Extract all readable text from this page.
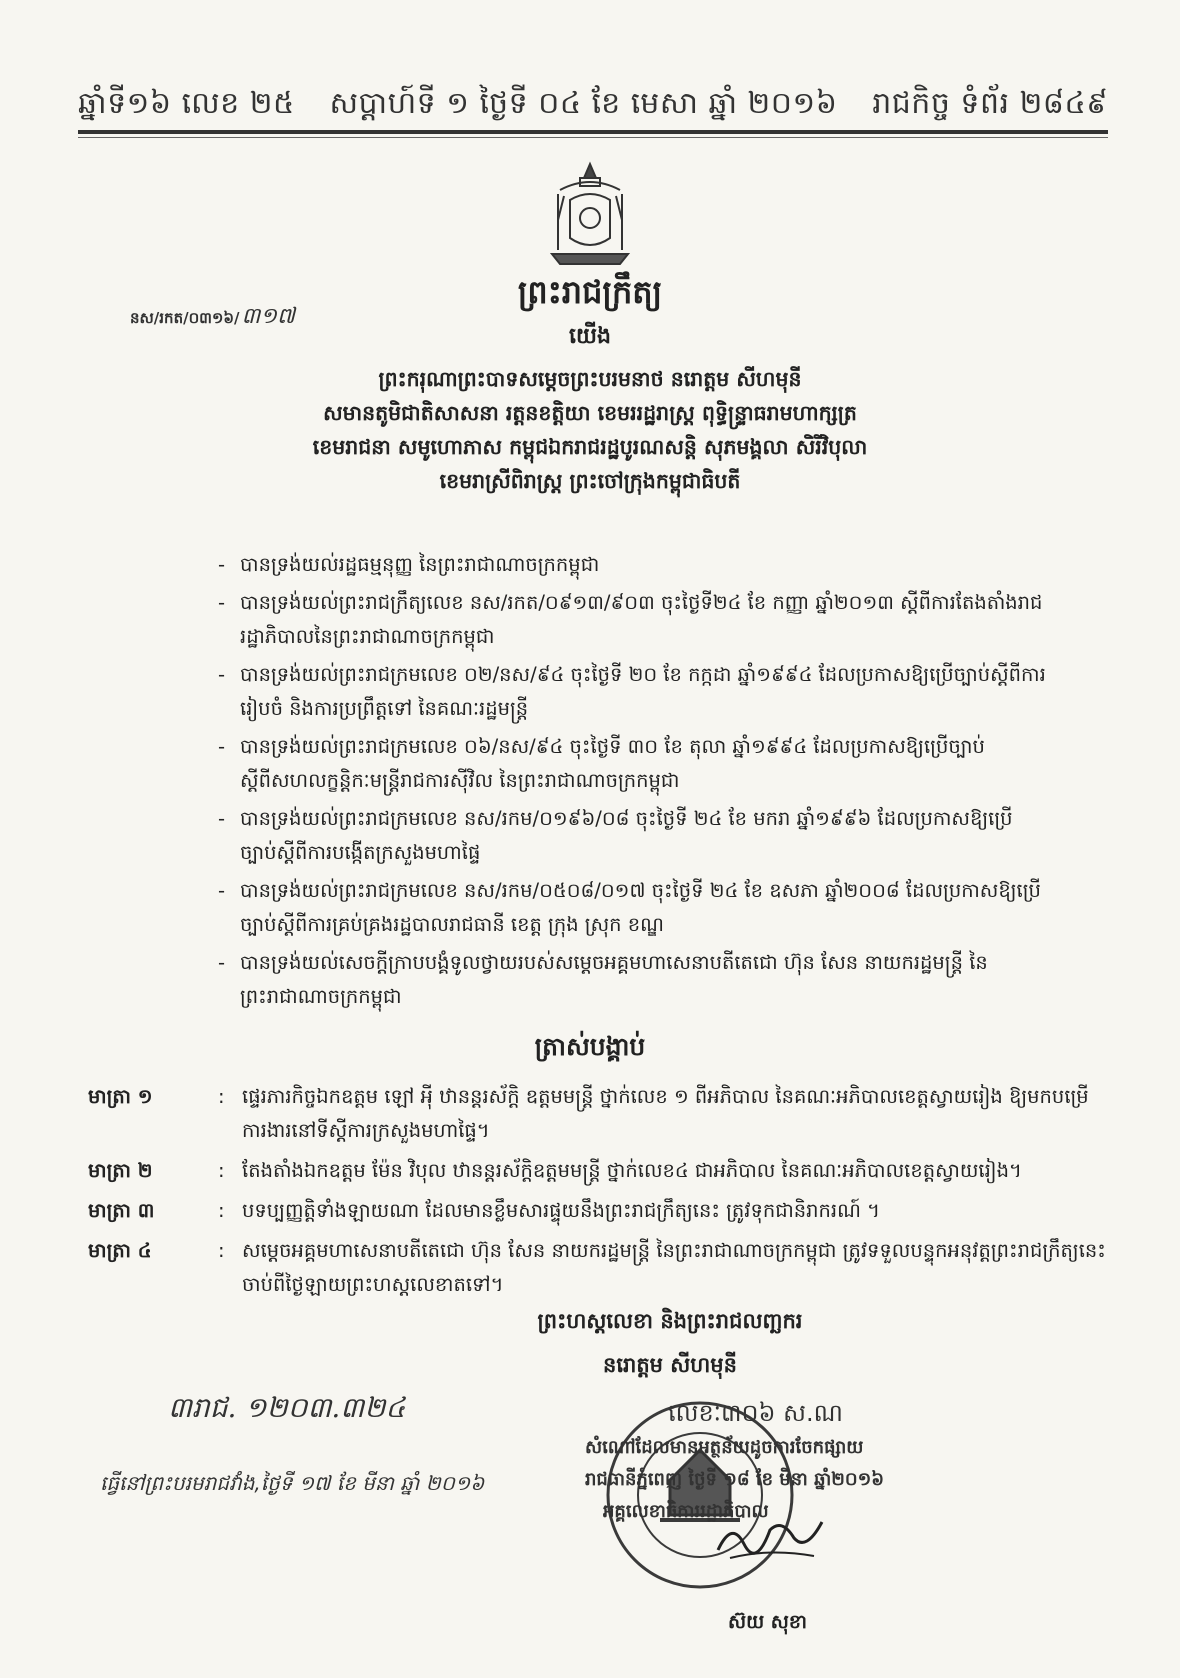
ឆ្នាំទី១៦ លេខ ២៥ សប្តាហ៍ទី ១ ថ្ងៃទី ០៤ ខែ មេសា ឆ្នាំ ២០១៦ រាជកិច្ច ទំព័រ ២៨៤៩
នស/រកត/០៣១៦/៣១៧
ព្រះរាជក្រឹត្យ
យើង
ព្រះករុណាព្រះបាទសម្តេចព្រះបរមនាថ នរោត្តម សីហមុនី
សមានតូមិជាតិសាសនា រត្តនខត្តិយា ខេមររដ្ឋរាស្ត្រ ពុទ្ធិន្ទ្រាធរាមហាក្សត្រ
ខេមរាជនា សមូហោភាស កម្ពុជឯករាជរដ្ឋបូរណសន្តិ សុភមង្គលា សិរីវិបុលា
ខេមរាស្រីពិរាស្ត្រ ព្រះចៅក្រុងកម្ពុជាធិបតី
- បានទ្រង់យល់រដ្ឋធម្មនុញ្ញ នៃព្រះរាជាណាចក្រកម្ពុជា
- បានទ្រង់យល់ព្រះរាជក្រឹត្យលេខ នស/រកត/០៩១៣/៩០៣ ចុះថ្ងៃទី២៤ ខែ កញ្ញា ឆ្នាំ២០១៣ ស្តីពីការតែងតាំងរាជរដ្ឋាភិបាលនៃព្រះរាជាណាចក្រកម្ពុជា
- បានទ្រង់យល់ព្រះរាជក្រមលេខ ០២/នស/៩៤ ចុះថ្ងៃទី ២០ ខែ កក្កដា ឆ្នាំ១៩៩៤ ដែលប្រកាសឱ្យប្រើច្បាប់ស្តីពីការរៀបចំ និងការប្រព្រឹត្តទៅ នៃគណៈរដ្ឋមន្ត្រី
- បានទ្រង់យល់ព្រះរាជក្រមលេខ ០៦/នស/៩៤ ចុះថ្ងៃទី ៣០ ខែ តុលា ឆ្នាំ១៩៩៤ ដែលប្រកាសឱ្យប្រើច្បាប់ស្តីពីសហលក្ខន្តិកៈមន្ត្រីរាជការស៊ីវិល នៃព្រះរាជាណាចក្រកម្ពុជា
- បានទ្រង់យល់ព្រះរាជក្រមលេខ នស/រកម/០១៩៦/០៨ ចុះថ្ងៃទី ២៤ ខែ មករា ឆ្នាំ១៩៩៦ ដែលប្រកាសឱ្យប្រើច្បាប់ស្តីពីការបង្កើតក្រសួងមហាផ្ទៃ
- បានទ្រង់យល់ព្រះរាជក្រមលេខ នស/រកម/០៥០៨/០១៧ ចុះថ្ងៃទី ២៤ ខែ ឧសភា ឆ្នាំ២០០៨ ដែលប្រកាសឱ្យប្រើច្បាប់ស្តីពីការគ្រប់គ្រងរដ្ឋបាលរាជធានី ខេត្ត ក្រុង ស្រុក ខណ្ឌ
- បានទ្រង់យល់សេចក្តីក្រាបបង្គំទូលថ្វាយរបស់សម្តេចអគ្គមហាសេនាបតីតេជោ ហ៊ុន សែន នាយករដ្ឋមន្ត្រី នៃព្រះរាជាណាចក្រកម្ពុជា
ត្រាស់បង្គាប់
មាត្រា ១	: ផ្ទេរភារកិច្ចឯកឧត្តម ឡៅ អ៉ី ឋានន្តរស័ក្តិ ឧត្តមមន្ត្រី ថ្នាក់លេខ ១ ពីអភិបាល នៃគណៈអភិបាលខេត្តស្វាយរៀង ឱ្យមកបម្រើការងារនៅទីស្តីការក្រសួងមហាផ្ទៃ។
មាត្រា ២	: តែងតាំងឯកឧត្តម ម៉ែន វិបុល ឋានន្តរស័ក្តិឧត្តមមន្ត្រី ថ្នាក់លេខ៤ ជាអភិបាល នៃគណៈអភិបាលខេត្តស្វាយរៀង។
មាត្រា ៣	: បទប្បញ្ញត្តិទាំងឡាយណា ដែលមានខ្លឹមសារផ្ទុយនឹងព្រះរាជក្រឹត្យនេះ ត្រូវទុកជានិរាករណ៍ ។
មាត្រា ៤	: សម្តេចអគ្គមហាសេនាបតីតេជោ ហ៊ុន សែន នាយករដ្ឋមន្ត្រី នៃព្រះរាជាណាចក្រកម្ពុជា ត្រូវទទួលបន្ទុកអនុវត្តព្រះរាជក្រឹត្យនេះ ចាប់ពីថ្ងៃឡាយព្រះហស្តលេខាតទៅ។
ព្រះហស្តលេខា និងព្រះរាជលញ្ឆករ
នរោត្តម សីហមុនី
៣រាជ. ១២០៣.៣២៤	លេខៈ៣០៦ ស.ណ
សំណៅដែលមានអត្ថន័យដូចការចែកផ្សាយ
រាជធានីភ្នំពេញ ថ្ងៃទី ១៨ ខែ មីនា ឆ្នាំ២០១៦
អគ្គលេខាធិការរដ្ឋាភិបាល
ធ្វើនៅព្រះបរមរាជវាំង,ថ្ងៃទី ១៧ ខែ មីនា ឆ្នាំ ២០១៦
ស៊យ សុខា
